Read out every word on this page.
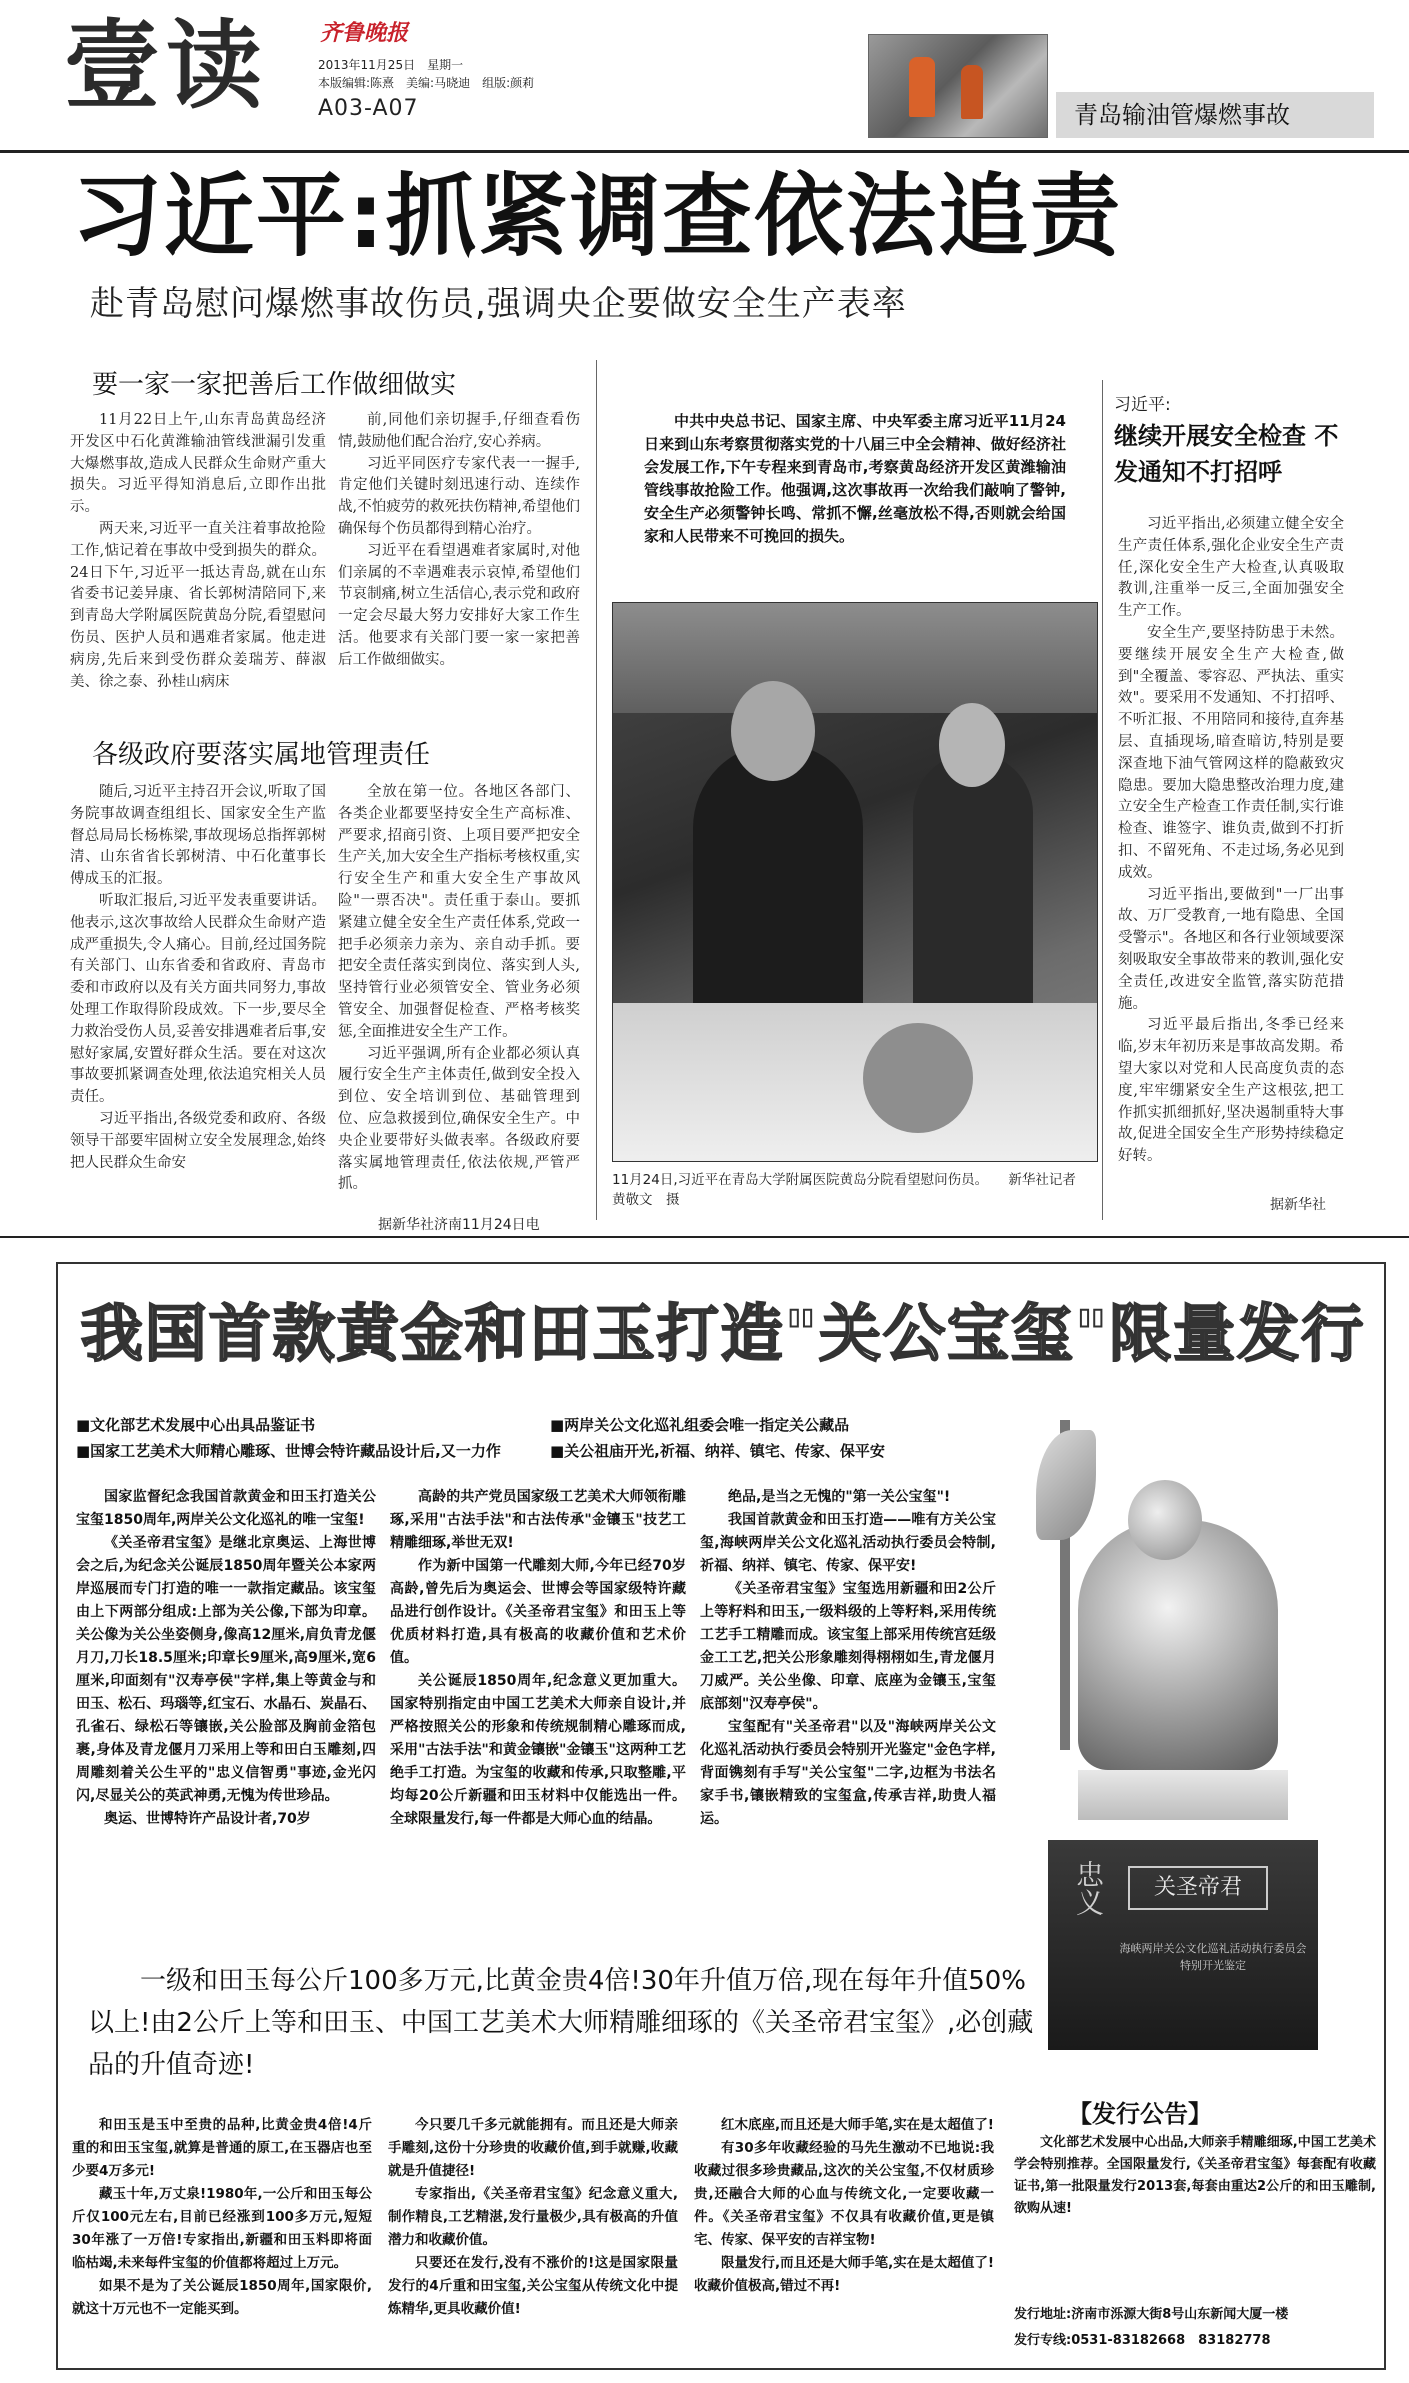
壹读 齐鲁晚报
2013年11月25日　星期一
本版编辑:陈熹　美编:马晓迪　组版:颜莉
A03-A07	青岛输油管爆燃事故
习近平:抓紧调查依法追责
赴青岛慰问爆燃事故伤员,强调央企要做安全生产表率
要一家一家把善后工作做细做实

11月22日上午,山东青岛黄岛经济开发区中石化黄潍输油管线泄漏引发重大爆燃事故,造成人民群众生命财产重大损失。习近平得知消息后,立即作出批示。

两天来,习近平一直关注着事故抢险工作,惦记着在事故中受到损失的群众。24日下午,习近平一抵达青岛,就在山东省委书记姜异康、省长郭树清陪同下,来到青岛大学附属医院黄岛分院,看望慰问伤员、医护人员和遇难者家属。他走进病房,先后来到受伤群众姜瑞芳、薛淑美、徐之泰、孙桂山病床

前,同他们亲切握手,仔细查看伤情,鼓励他们配合治疗,安心养病。

习近平同医疗专家代表一一握手,肯定他们关键时刻迅速行动、连续作战,不怕疲劳的救死扶伤精神,希望他们确保每个伤员都得到精心治疗。

习近平在看望遇难者家属时,对他们亲属的不幸遇难表示哀悼,希望他们节哀制痛,树立生活信心,表示党和政府一定会尽最大努力安排好大家工作生活。他要求有关部门要一家一家把善后工作做细做实。

各级政府要落实属地管理责任

随后,习近平主持召开会议,听取了国务院事故调查组组长、国家安全生产监督总局局长杨栋梁,事故现场总指挥郭树清、山东省省长郭树清、中石化董事长傅成玉的汇报。

听取汇报后,习近平发表重要讲话。他表示,这次事故给人民群众生命财产造成严重损失,令人痛心。目前,经过国务院有关部门、山东省委和省政府、青岛市委和市政府以及有关方面共同努力,事故处理工作取得阶段成效。下一步,要尽全力救治受伤人员,妥善安排遇难者后事,安慰好家属,安置好群众生活。要在对这次事故要抓紧调查处理,依法追究相关人员责任。

习近平指出,各级党委和政府、各级领导干部要牢固树立安全发展理念,始终把人民群众生命安

全放在第一位。各地区各部门、各类企业都要坚持安全生产高标准、严要求,招商引资、上项目要严把安全生产关,加大安全生产指标考核权重,实行安全生产和重大安全生产事故风险"一票否决"。责任重于泰山。要抓紧建立健全安全生产责任体系,党政一把手必须亲力亲为、亲自动手抓。要把安全责任落实到岗位、落实到人头,坚持管行业必须管安全、管业务必须管安全、加强督促检查、严格考核奖惩,全面推进安全生产工作。

习近平强调,所有企业都必须认真履行安全生产主体责任,做到安全投入到位、安全培训到位、基础管理到位、应急救援到位,确保安全生产。中央企业要带好头做表率。各级政府要落实属地管理责任,依法依规,严管严抓。

据新华社济南11月24日电
中共中央总书记、国家主席、中央军委主席习近平11月24日来到山东考察贯彻落实党的十八届三中全会精神、做好经济社会发展工作,下午专程来到青岛市,考察黄岛经济开发区黄潍输油管线事故抢险工作。他强调,这次事故再一次给我们敲响了警钟,安全生产必须警钟长鸣、常抓不懈,丝毫放松不得,否则就会给国家和人民带来不可挽回的损失。
11月24日,习近平在青岛大学附属医院黄岛分院看望慰问伤员。　　新华社记者　黄敬文　摄
习近平:
继续开展安全检查 不发通知不打招呼

习近平指出,必须建立健全安全生产责任体系,强化企业安全生产责任,深化安全生产大检查,认真吸取教训,注重举一反三,全面加强安全生产工作。

安全生产,要坚持防患于未然。要继续开展安全生产大检查,做到"全覆盖、零容忍、严执法、重实效"。要采用不发通知、不打招呼、不听汇报、不用陪同和接待,直奔基层、直插现场,暗查暗访,特别是要深查地下油气管网这样的隐蔽致灾隐患。要加大隐患整改治理力度,建立安全生产检查工作责任制,实行谁检查、谁签字、谁负责,做到不打折扣、不留死角、不走过场,务必见到成效。

习近平指出,要做到"一厂出事故、万厂受教育,一地有隐患、全国受警示"。各地区和各行业领域要深刻吸取安全事故带来的教训,强化安全责任,改进安全监管,落实防范措施。

习近平最后指出,冬季已经来临,岁末年初历来是事故高发期。希望大家以对党和人民高度负责的态度,牢牢绷紧安全生产这根弦,把工作抓实抓细抓好,坚决遏制重特大事故,促进全国安全生产形势持续稳定好转。

据新华社
我国首款黄金和田玉打造"关公宝玺"限量发行
■文化部艺术发展中心出具品鉴证书	■两岸关公文化巡礼组委会唯一指定关公藏品
■国家工艺美术大师精心雕琢、世博会特许藏品设计后,又一力作	■关公祖庙开光,祈福、纳祥、镇宅、传家、保平安

国家监督纪念我国首款黄金和田玉打造关公宝玺1850周年,两岸关公文化巡礼的唯一宝玺!

《关圣帝君宝玺》是继北京奥运、上海世博会之后,为纪念关公诞辰1850周年暨关公本家两岸巡展而专门打造的唯一一款指定藏品。该宝玺由上下两部分组成:上部为关公像,下部为印章。关公像为关公坐姿侧身,像高12厘米,肩负青龙偃月刀,刀长18.5厘米;印章长9厘米,高9厘米,宽6厘米,印面刻有"汉寿亭侯"字样,集上等黄金与和田玉、松石、玛瑙等,红宝石、水晶石、炭晶石、孔雀石、绿松石等镶嵌,关公脸部及胸前金箔包裹,身体及青龙偃月刀采用上等和田白玉雕刻,四周雕刻着关公生平的"忠义信智勇"事迹,金光闪闪,尽显关公的英武神勇,无愧为传世珍品。

奥运、世博特许产品设计者,70岁

高龄的共产党员国家级工艺美术大师领衔雕琢,采用"古法手法"和古法传承"金镶玉"技艺工精雕细琢,举世无双!

作为新中国第一代雕刻大师,今年已经70岁高龄,曾先后为奥运会、世博会等国家级特许藏品进行创作设计。《关圣帝君宝玺》和田玉上等优质材料打造,具有极高的收藏价值和艺术价值。

关公诞辰1850周年,纪念意义更加重大。国家特别指定由中国工艺美术大师亲自设计,并严格按照关公的形象和传统规制精心雕琢而成,采用"古法手法"和黄金镶嵌"金镶玉"这两种工艺绝手工打造。为宝玺的收藏和传承,只取整雕,平均每20公斤新疆和田玉材料中仅能选出一件。全球限量发行,每一件都是大师心血的结晶。

绝品,是当之无愧的"第一关公宝玺"!

我国首款黄金和田玉打造——唯有方关公宝玺,海峡两岸关公文化巡礼活动执行委员会特制,祈福、纳祥、镇宅、传家、保平安!

《关圣帝君宝玺》宝玺选用新疆和田2公斤上等籽料和田玉,一级料级的上等籽料,采用传统工艺手工精雕而成。该宝玺上部采用传统宫廷级金工工艺,把关公形象雕刻得栩栩如生,青龙偃月刀威严。关公坐像、印章、底座为金镶玉,宝玺底部刻"汉寿亭侯"。

宝玺配有"关圣帝君"以及"海峡两岸关公文化巡礼活动执行委员会特别开光鉴定"金色字样,背面镌刻有手写"关公宝玺"二字,边框为书法名家手书,镶嵌精致的宝玺盒,传承吉祥,助贵人福运。

一级和田玉每公斤100多万元,比黄金贵4倍!30年升值万倍,现在每年升值50%以上!由2公斤上等和田玉、中国工艺美术大师精雕细琢的《关圣帝君宝玺》,必创藏品的升值奇迹!

和田玉是玉中至贵的品种,比黄金贵4倍!4斤重的和田玉宝玺,就算是普通的原工,在玉器店也至少要4万多元!

藏玉十年,万丈泉!1980年,一公斤和田玉每公斤仅100元左右,目前已经涨到100多万元,短短30年涨了一万倍!专家指出,新疆和田玉料即将面临枯竭,未来每件宝玺的价值都将超过上万元。

如果不是为了关公诞辰1850周年,国家限价,就这十万元也不一定能买到。

今只要几千多元就能拥有。而且还是大师亲手雕刻,这份十分珍贵的收藏价值,到手就赚,收藏就是升值捷径!

专家指出,《关圣帝君宝玺》纪念意义重大,制作精良,工艺精湛,发行量极少,具有极高的升值潜力和收藏价值。

只要还在发行,没有不涨价的!这是国家限量发行的4斤重和田宝玺,关公宝玺从传统文化中提炼精华,更具收藏价值!

红木底座,而且还是大师手笔,实在是太超值了!

有30多年收藏经验的马先生激动不已地说:我收藏过很多珍贵藏品,这次的关公宝玺,不仅材质珍贵,还融合大师的心血与传统文化,一定要收藏一件。《关圣帝君宝玺》不仅具有收藏价值,更是镇宅、传家、保平安的吉祥宝物!

限量发行,而且还是大师手笔,实在是太超值了!收藏价值极高,错过不再!

关圣帝君
忠义
海峡两岸关公文化巡礼活动执行委员会特别开光鉴定
【发行公告】
文化部艺术发展中心出品,大师亲手精雕细琢,中国工艺美术学会特别推荐。全国限量发行,《关圣帝君宝玺》每套配有收藏证书,第一批限量发行2013套,每套由重达2公斤的和田玉雕制,欲购从速!
发行地址:济南市泺源大街8号山东新闻大厦一楼
发行专线:0531-83182668　83182778
